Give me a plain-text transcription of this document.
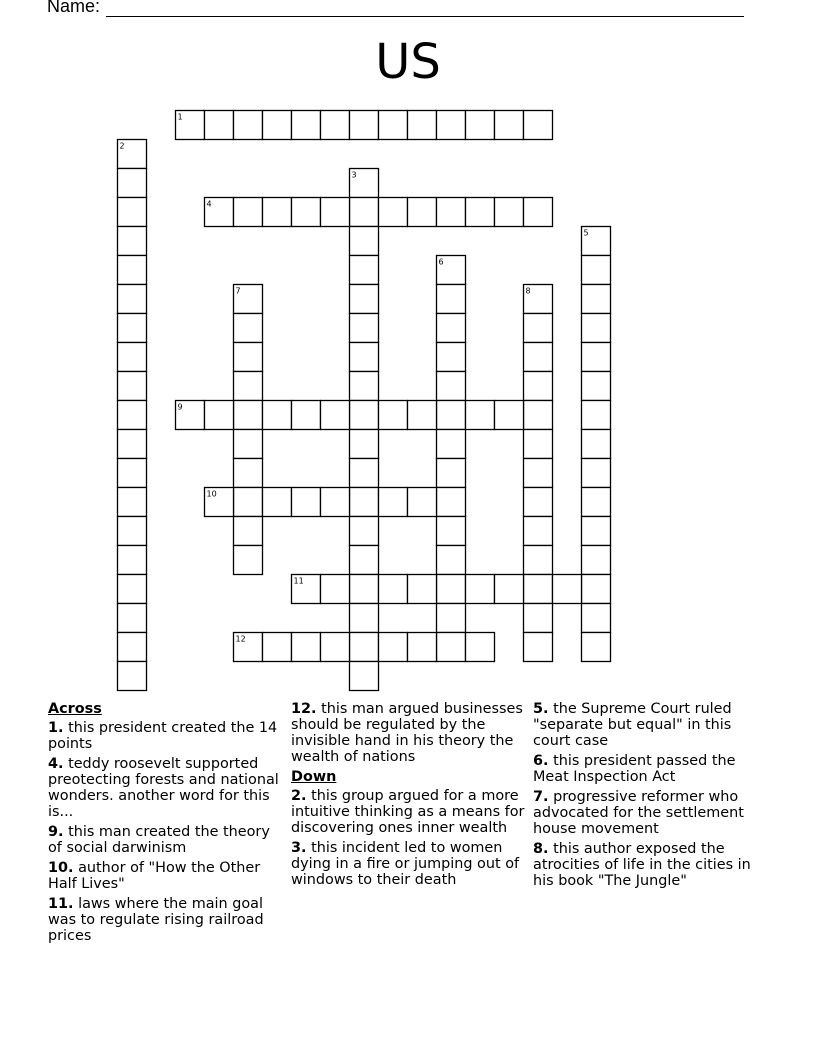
Name:
US
1
2
3
4
5
6
7	8
9
10
11
12
Across
1. this president created the 14 points
4. teddy roosevelt supported preotecting forests and national wonders. another word for this is...
9. this man created the theory of social darwinism
10. author of "How the Other Half Lives"
11. laws where the main goal was to regulate rising railroad prices
12. this man argued businesses should be regulated by the invisible hand in his theory the wealth of nations
Down
2. this group argued for a more intuitive thinking as a means for discovering ones inner wealth
3. this incident led to women dying in a fire or jumping out of windows to their death
5. the Supreme Court ruled "separate but equal" in this court case
6. this president passed the Meat Inspection Act
7. progressive reformer who advocated for the settlement house movement
8. this author exposed the atrocities of life in the cities in his book "The Jungle"
